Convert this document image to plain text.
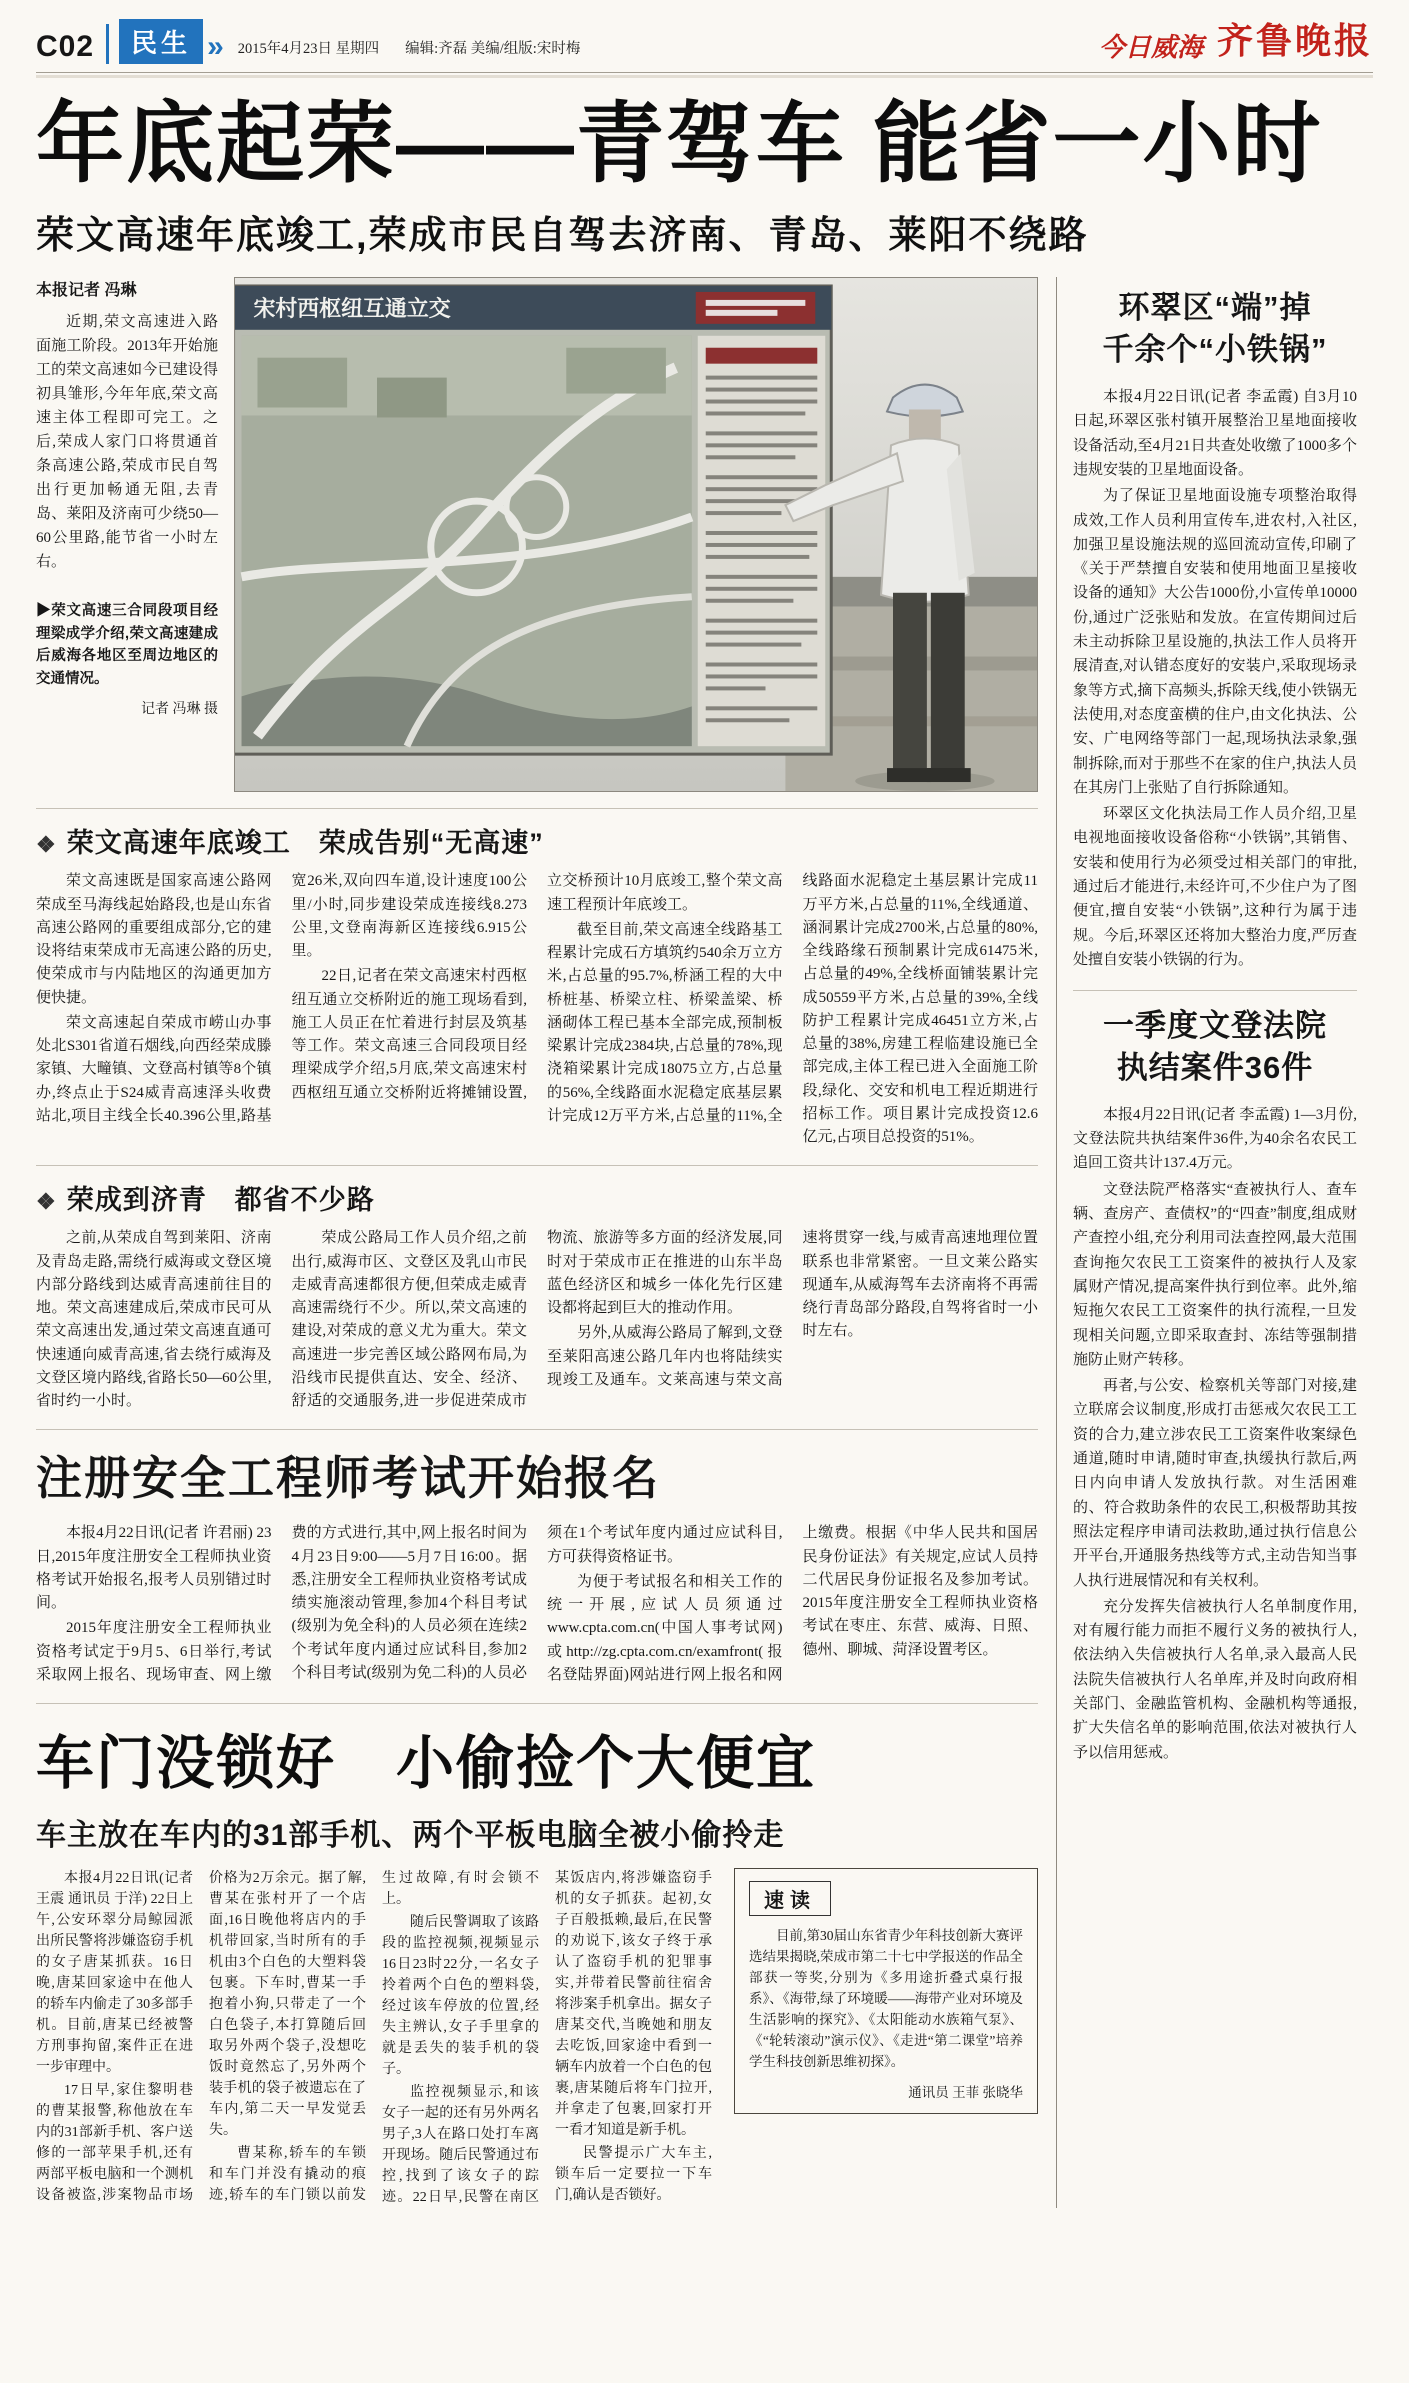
C02	民生 » 2015年4月23日 星期四 编辑:齐磊 美编/组版:宋时梅	今日威海 齐鲁晚报
年底起荣——青驾车 能省一小时
荣文高速年底竣工,荣成市民自驾去济南、青岛、莱阳不绕路
本报记者 冯琳

近期,荣文高速进入路面施工阶段。2013年开始施工的荣文高速如今已建设得初具雏形,今年年底,荣文高速主体工程即可完工。之后,荣成人家门口将贯通首条高速公路,荣成市民自驾出行更加畅通无阻,去青岛、莱阳及济南可少绕50—60公里路,能节省一小时左右。

▶荣文高速三合同段项目经理梁成学介绍,荣文高速建成后威海各地区至周边地区的交通情况。
记者 冯琳 摄
宋村西枢纽互通立交
❖ 荣文高速年底竣工　荣成告别“无高速”

荣文高速既是国家高速公路网荣成至马海线起始路段,也是山东省高速公路网的重要组成部分,它的建设将结束荣成市无高速公路的历史,使荣成市与内陆地区的沟通更加方便快捷。

荣文高速起自荣成市崂山办事处北S301省道石烟线,向西经荣成滕家镇、大疃镇、文登高村镇等8个镇办,终点止于S24威青高速泽头收费站北,项目主线全长40.396公里,路基宽26米,双向四车道,设计速度100公里/小时,同步建设荣成连接线8.273公里,文登南海新区连接线6.915公里。

22日,记者在荣文高速宋村西枢纽互通立交桥附近的施工现场看到,施工人员正在忙着进行封层及筑基等工作。荣文高速三合同段项目经理梁成学介绍,5月底,荣文高速宋村西枢纽互通立交桥附近将摊铺设置,立交桥预计10月底竣工,整个荣文高速工程预计年底竣工。

截至目前,荣文高速全线路基工程累计完成石方填筑约540余万立方米,占总量的95.7%,桥涵工程的大中桥桩基、桥梁立柱、桥梁盖梁、桥涵砌体工程已基本全部完成,预制板梁累计完成2384块,占总量的78%,现浇箱梁累计完成18075立方,占总量的56%,全线路面水泥稳定底基层累计完成12万平方米,占总量的11%,全线路面水泥稳定土基层累计完成11万平方米,占总量的11%,全线通道、涵洞累计完成2700米,占总量的80%,全线路缘石预制累计完成61475米,占总量的49%,全线桥面铺装累计完成50559平方米,占总量的39%,全线防护工程累计完成46451立方米,占总量的38%,房建工程临建设施已全部完成,主体工程已进入全面施工阶段,绿化、交安和机电工程近期进行招标工作。项目累计完成投资12.6亿元,占项目总投资的51%。

❖ 荣成到济青　都省不少路

之前,从荣成自驾到莱阳、济南及青岛走路,需绕行威海或文登区境内部分路线到达威青高速前往目的地。荣文高速建成后,荣成市民可从荣文高速出发,通过荣文高速直通可快速通向威青高速,省去绕行威海及文登区境内路线,省路长50—60公里,省时约一小时。

荣成公路局工作人员介绍,之前出行,威海市区、文登区及乳山市民走威青高速都很方便,但荣成走威青高速需绕行不少。所以,荣文高速的建设,对荣成的意义尤为重大。荣文高速进一步完善区域公路网布局,为沿线市民提供直达、安全、经济、舒适的交通服务,进一步促进荣成市物流、旅游等多方面的经济发展,同时对于荣成市正在推进的山东半岛蓝色经济区和城乡一体化先行区建设都将起到巨大的推动作用。

另外,从威海公路局了解到,文登至莱阳高速公路几年内也将陆续实现竣工及通车。文莱高速与荣文高速将贯穿一线,与威青高速地理位置联系也非常紧密。一旦文莱公路实现通车,从威海驾车去济南将不再需绕行青岛部分路段,自驾将省时一小时左右。

注册安全工程师考试开始报名

本报4月22日讯(记者 许君丽) 23日,2015年度注册安全工程师执业资格考试开始报名,报考人员别错过时间。

2015年度注册安全工程师执业资格考试定于9月5、6日举行,考试采取网上报名、现场审查、网上缴费的方式进行,其中,网上报名时间为4月23日9:00——5月7日16:00。据悉,注册安全工程师执业资格考试成绩实施滚动管理,参加4个科目考试(级别为免全科)的人员必须在连续2个考试年度内通过应试科目,参加2个科目考试(级别为免二科)的人员必须在1个考试年度内通过应试科目,方可获得资格证书。

为便于考试报名和相关工作的统一开展,应试人员须通过www.cpta.com.cn(中国人事考试网)或http://zg.cpta.com.cn/examfront(报名登陆界面)网站进行网上报名和网上缴费。根据《中华人民共和国居民身份证法》有关规定,应试人员持二代居民身份证报名及参加考试。2015年度注册安全工程师执业资格考试在枣庄、东营、威海、日照、德州、聊城、菏泽设置考区。

车门没锁好　小偷捡个大便宜
车主放在车内的31部手机、两个平板电脑全被小偷拎走

本报4月22日讯(记者 王震 通讯员 于洋) 22日上午,公安环翠分局鲸园派出所民警将涉嫌盗窃手机的女子唐某抓获。16日晚,唐某回家途中在他人的轿车内偷走了30多部手机。目前,唐某已经被警方刑事拘留,案件正在进一步审理中。

17日早,家住黎明巷的曹某报警,称他放在车内的31部新手机、客户送修的一部苹果手机,还有两部平板电脑和一个测机设备被盗,涉案物品市场价格为2万余元。据了解,曹某在张村开了一个店面,16日晚他将店内的手机带回家,当时所有的手机由3个白色的大塑料袋包裹。下车时,曹某一手抱着小狗,只带走了一个白色袋子,本打算随后回取另外两个袋子,没想吃饭时竟然忘了,另外两个装手机的袋子被遗忘在了车内,第二天一早发觉丢失。

曹某称,轿车的车锁和车门并没有撬动的痕迹,轿车的车门锁以前发生过故障,有时会锁不上。

随后民警调取了该路段的监控视频,视频显示16日23时22分,一名女子拎着两个白色的塑料袋,经过该车停放的位置,经失主辨认,女子手里拿的就是丢失的装手机的袋子。

监控视频显示,和该女子一起的还有另外两名男子,3人在路口处打车离开现场。随后民警通过布控,找到了该女子的踪迹。22日早,民警在南区某饭店内,将涉嫌盗窃手机的女子抓获。起初,女子百般抵赖,最后,在民警的劝说下,该女子终于承认了盗窃手机的犯罪事实,并带着民警前往宿舍将涉案手机拿出。据女子唐某交代,当晚她和朋友去吃饭,回家途中看到一辆车内放着一个白色的包裹,唐某随后将车门拉开,并拿走了包裹,回家打开一看才知道是新手机。

民警提示广大车主,锁车后一定要拉一下车门,确认是否锁好。

速读

目前,第30届山东省青少年科技创新大赛评选结果揭晓,荣成市第二十七中学报送的作品全部获一等奖,分别为《多用途折叠式桌行报系》、《海带,绿了环境暖——海带产业对环境及生活影响的探究》、《太阳能动水族箱气泵》、《“轮转滚动”演示仪》、《走进“第二课堂”培养学生科技创新思维初探》。

通讯员 王菲 张晓华
环翠区“端”掉
千余个“小铁锅”

本报4月22日讯(记者 李孟霞) 自3月10日起,环翠区张村镇开展整治卫星地面接收设备活动,至4月21日共查处收缴了1000多个违规安装的卫星地面设备。

为了保证卫星地面设施专项整治取得成效,工作人员利用宣传车,进农村,入社区,加强卫星设施法规的巡回流动宣传,印刷了《关于严禁擅自安装和使用地面卫星接收设备的通知》大公告1000份,小宣传单10000份,通过广泛张贴和发放。在宣传期间过后未主动拆除卫星设施的,执法工作人员将开展清查,对认错态度好的安装户,采取现场录象等方式,摘下高频头,拆除天线,使小铁锅无法使用,对态度蛮横的住户,由文化执法、公安、广电网络等部门一起,现场执法录象,强制拆除,而对于那些不在家的住户,执法人员在其房门上张贴了自行拆除通知。

环翠区文化执法局工作人员介绍,卫星电视地面接收设备俗称“小铁锅”,其销售、安装和使用行为必须受过相关部门的审批,通过后才能进行,未经许可,不少住户为了图便宜,擅自安装“小铁锅”,这种行为属于违规。今后,环翠区还将加大整治力度,严厉查处擅自安装小铁锅的行为。

一季度文登法院
执结案件36件

本报4月22日讯(记者 李孟霞) 1—3月份,文登法院共执结案件36件,为40余名农民工追回工资共计137.4万元。

文登法院严格落实“查被执行人、查车辆、查房产、查债权”的“四查”制度,组成财产查控小组,充分利用司法查控网,最大范围查询拖欠农民工工资案件的被执行人及家属财产情况,提高案件执行到位率。此外,缩短拖欠农民工工资案件的执行流程,一旦发现相关问题,立即采取查封、冻结等强制措施防止财产转移。

再者,与公安、检察机关等部门对接,建立联席会议制度,形成打击惩戒欠农民工工资的合力,建立涉农民工工资案件收案绿色通道,随时申请,随时审查,执缓执行款后,两日内向申请人发放执行款。对生活困难的、符合救助条件的农民工,积极帮助其按照法定程序申请司法救助,通过执行信息公开平台,开通服务热线等方式,主动告知当事人执行进展情况和有关权利。

充分发挥失信被执行人名单制度作用,对有履行能力而拒不履行义务的被执行人,依法纳入失信被执行人名单,录入最高人民法院失信被执行人名单库,并及时向政府相关部门、金融监管机构、金融机构等通报,扩大失信名单的影响范围,依法对被执行人予以信用惩戒。
